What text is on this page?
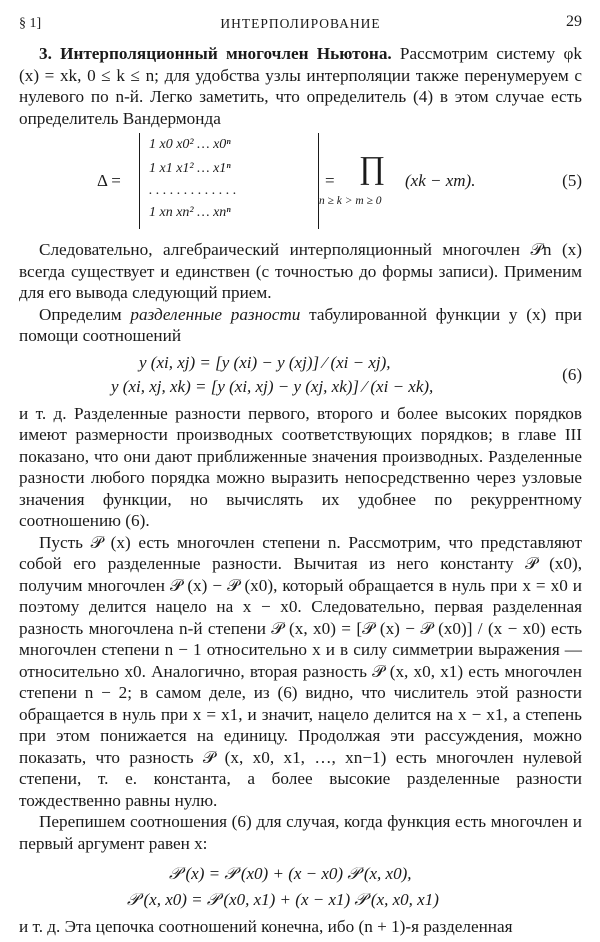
§ 1]	ИНТЕРПОЛИРОВАНИЕ	29

3. Интерполяционный многочлен Ньютона. Рассмотрим систему φk (x) = xk, 0 ≤ k ≤ n; для удобства узлы интерполяции также перенумеруем с нулевого по n-й. Легко заметить, что определитель (4) в этом случае есть определитель Вандермонда

Δ =
1 x0 x0² … x0ⁿ
1 x1 x1² … x1ⁿ
. . . . . . . . . . . . .
1 xn xn² … xnⁿ
= ∏
n ≥ k > m ≥ 0
(xk − xm).	(5)

Следовательно, алгебраический интерполяционный многочлен 𝒫n (x) всегда существует и единствен (с точностью до формы записи). Применим для его вывода следующий прием.

Определим разделенные разности табулированной функции y (x) при помощи соотношений

y (xi, xj) = [y (xi) − y (xj)] ⁄ (xi − xj),
y (xi, xj, xk) = [y (xi, xj) − y (xj, xk)] ⁄ (xi − xk),
(6)

и т. д. Разделенные разности первого, второго и более высоких порядков имеют размерности производных соответствующих порядков; в главе III показано, что они дают приближенные значения производных. Разделенные разности любого порядка можно выразить непосредственно через узловые значения функции, но вычислять их удобнее по рекуррентному соотношению (6).

Пусть 𝒫 (x) есть многочлен степени n. Рассмотрим, что представляют собой его разделенные разности. Вычитая из него константу 𝒫 (x0), получим многочлен 𝒫 (x) − 𝒫 (x0), который обращается в нуль при x = x0 и поэтому делится нацело на x − x0. Следовательно, первая разделенная разность многочлена n-й степени 𝒫 (x, x0) = [𝒫 (x) − 𝒫 (x0)] / (x − x0) есть многочлен степени n − 1 относительно x и в силу симметрии выражения — относительно x0. Аналогично, вторая разность 𝒫 (x, x0, x1) есть многочлен степени n − 2; в самом деле, из (6) видно, что числитель этой разности обращается в нуль при x = x1, и значит, нацело делится на x − x1, а степень при этом понижается на единицу. Продолжая эти рассуждения, можно показать, что разность 𝒫 (x, x0, x1, …, xn−1) есть многочлен нулевой степени, т. е. константа, а более высокие разделенные разности тождественно равны нулю.

Перепишем соотношения (6) для случая, когда функция есть многочлен и первый аргумент равен x:

𝒫 (x) = 𝒫 (x0) + (x − x0) 𝒫 (x, x0),
𝒫 (x, x0) = 𝒫 (x0, x1) + (x − x1) 𝒫 (x, x0, x1)

и т. д. Эта цепочка соотношений конечна, ибо (n + 1)-я разделенная
